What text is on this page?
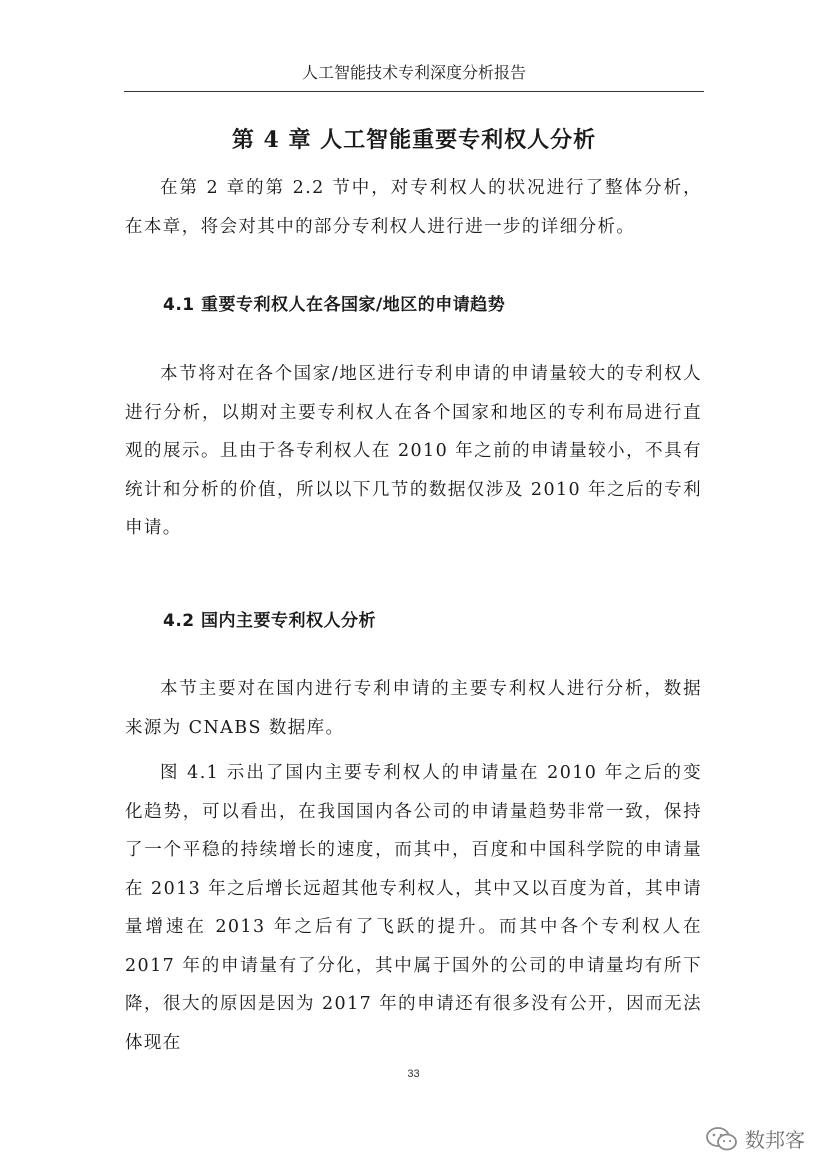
人工智能技术专利深度分析报告
第 4 章 人工智能重要专利权人分析

在第 2 章的第 2.2 节中，对专利权人的状况进行了整体分析，在本章，将会对其中的部分专利权人进行进一步的详细分析。

4.1 重要专利权人在各国家/地区的申请趋势

本节将对在各个国家/地区进行专利申请的申请量较大的专利权人进行分析，以期对主要专利权人在各个国家和地区的专利布局进行直观的展示。且由于各专利权人在 2010 年之前的申请量较小，不具有统计和分析的价值，所以以下几节的数据仅涉及 2010 年之后的专利申请。

4.2 国内主要专利权人分析

本节主要对在国内进行专利申请的主要专利权人进行分析，数据来源为 CNABS 数据库。

图 4.1 示出了国内主要专利权人的申请量在 2010 年之后的变化趋势，可以看出，在我国国内各公司的申请量趋势非常一致，保持了一个平稳的持续增长的速度，而其中，百度和中国科学院的申请量在 2013 年之后增长远超其他专利权人，其中又以百度为首，其申请量增速在 2013 年之后有了飞跃的提升。而其中各个专利权人在 2017 年的申请量有了分化，其中属于国外的公司的申请量均有所下降，很大的原因是因为 2017 年的申请还有很多没有公开，因而无法体现在

33
数邦客
